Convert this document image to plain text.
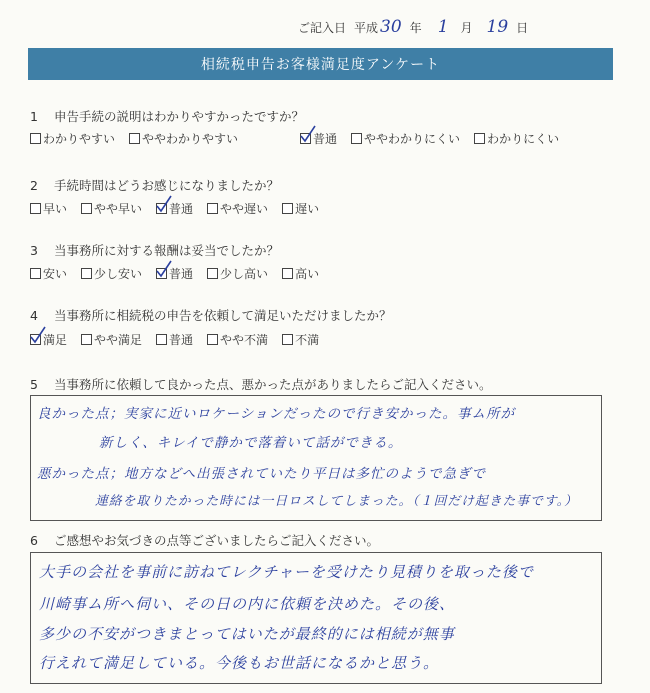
ご記入日 平成 30 年 1 月 19 日
相続税申告お客様満足度アンケート
1 申告手続の説明はわかりやすかったですか？
わかりやすい ややわかりやすい	普通 ややわかりにくい わかりにくい
2 手続時間はどうお感じになりましたか？
早い やや早い 普通 やや遅い 遅い
3 当事務所に対する報酬は妥当でしたか？
安い 少し安い 普通 少し高い 高い
4 当事務所に相続税の申告を依頼して満足いただけましたか？
満足 やや満足 普通 やや不満 不満
5 当事務所に依頼して良かった点、悪かった点がありましたらご記入ください。
良かった点；実家に近いロケーションだったので行き安かった。事ム所が
新しく、キレイで静かで落着いて話ができる。
悪かった点；地方などへ出張されていたり平日は多忙のようで急ぎで
連絡を取りたかった時には一日ロスしてしまった。（１回だけ起きた事です。）
6 ご感想やお気づきの点等ございましたらご記入ください。
大手の会社を事前に訪ねてレクチャーを受けたり見積りを取った後で
川崎事ム所へ伺い、その日の内に依頼を決めた。その後、
多少の不安がつきまとってはいたが最終的には相続が無事
行えれて満足している。今後もお世話になるかと思う。
